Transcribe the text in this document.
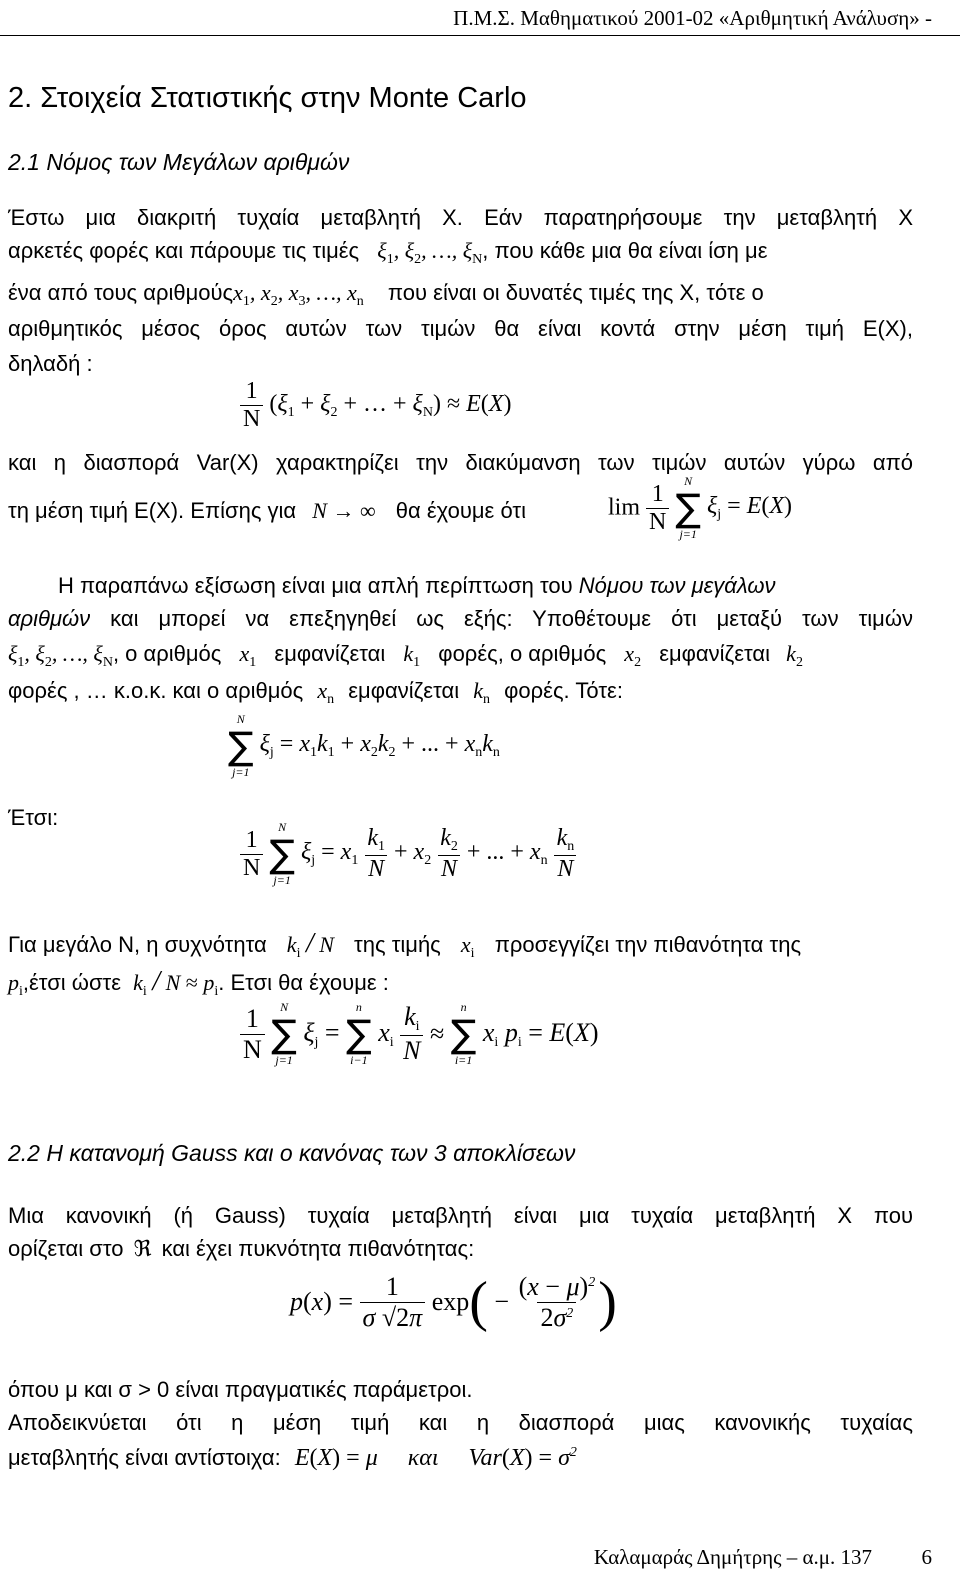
Π.Μ.Σ. Μαθηματικού 2001-02 «Αριθμητική Ανάλυση» -
2. Στοιχεία Στατιστικής στην Monte Carlo
2.1 Νόμος των Μεγάλων αριθμών
Έστω μια διακριτή τυχαία μεταβλητή Χ. Εάν παρατηρήσουμε την μεταβλητή Χ
αρκετές φορές και πάρουμε τις τιμές $\xi_1$, $\xi_2$, …, $\xi_N$, που κάθε μια θα είναι ίση με
ένα από τους αριθμούςx$_1$, $x_2$, $x_3$, …, $x_n$ που είναι οι δυνατές τιμές της Χ, τότε ο
αριθμητικός μέσος όρος αυτών των τιμών θα είναι κοντά στην μέση τιμή Ε(Χ),
δηλαδή :
$\frac{1}{N} (\xi_1 + \xi_2$ + … + $\xi_N) \approx E(X)$
και η διασπορά Var(X) χαρακτηρίζει την διακύμανση των τιμών αυτών γύρω από
τη μέση τιμή Ε(Χ). Επίσης για N → ∞ θα έχουμε ότι	$\lim \frac{1}{N}$
N
∑
j=1
$\xi_j = E(X)$
Η παραπάνω εξίσωση είναι μια απλή περίπτωση του Νόμου των μεγάλων
αριθμών και μπορεί να επεξηγηθεί ως εξής: Υποθέτουμε ότι μεταξύ των τιμών
$\xi_1$, $\xi_2$, …, $\xi_N$, ο αριθμός $x_1$ εμφανίζεται $k_1$ φορές, ο αριθμός $x_2$ εμφανίζεται $k_2$
φορές , … κ.ο.κ. και ο αριθμός $x_n$ εμφανίζεται $k_n$ φορές. Τότε:
N
∑
j=1
$\xi_j = x_1k_1 + x_2k_2$ + ... + $x_nk_n$
Έτσι:
$\frac{1}{N}$
N
∑
j=1
$\xi_j = x_1 \frac{k_1}{N} + x_2 \frac{k_2}{N}$ + ... + $x_n \frac{k_n}{N}$
Για μεγάλο Ν, η συχνότητα $k_i$ / N της τιμής $x_i$ προσεγγίζει την πιθανότητα της
$p_i,έ\tau\sigma\iota$ ώστε $k_i / N \approx p_i$. Ετσι θα έχουμε :
$\frac{1}{N}$
N
∑
j=1
$\xi_j$ =
n
∑
i−1
$x_i \frac{k_i}{N}$ ≈
n
∑
i=1
$x_i$ $p_i = E(X)$
2.2 Η κατανομή Gauss και ο κανόνας των 3 αποκλίσεων
Μια κανονική (ή Gauss) τυχαία μεταβλητή είναι μια τυχαία μεταβλητή Χ που
ορίζεται στο ℜ και έχει πυκνότητα πιθανότητας:
$p(x) = \frac{1}{\sigma √2\pi} \exp( - \frac{(x - \mu)^2}{2\sigma^2}$ )
όπου μ και σ > 0 είναι πραγματικές παράμετροι.
Αποδεικνύεται ότι η μέση τιμή και η διασπορά μιας κανονικής τυχαίας
μεταβλητής είναι αντίστοιχα: E(X) = μ     και     $Var(X) = \sigma^2$
Καλαμαράς Δημήτρης – α.μ. 137 6
